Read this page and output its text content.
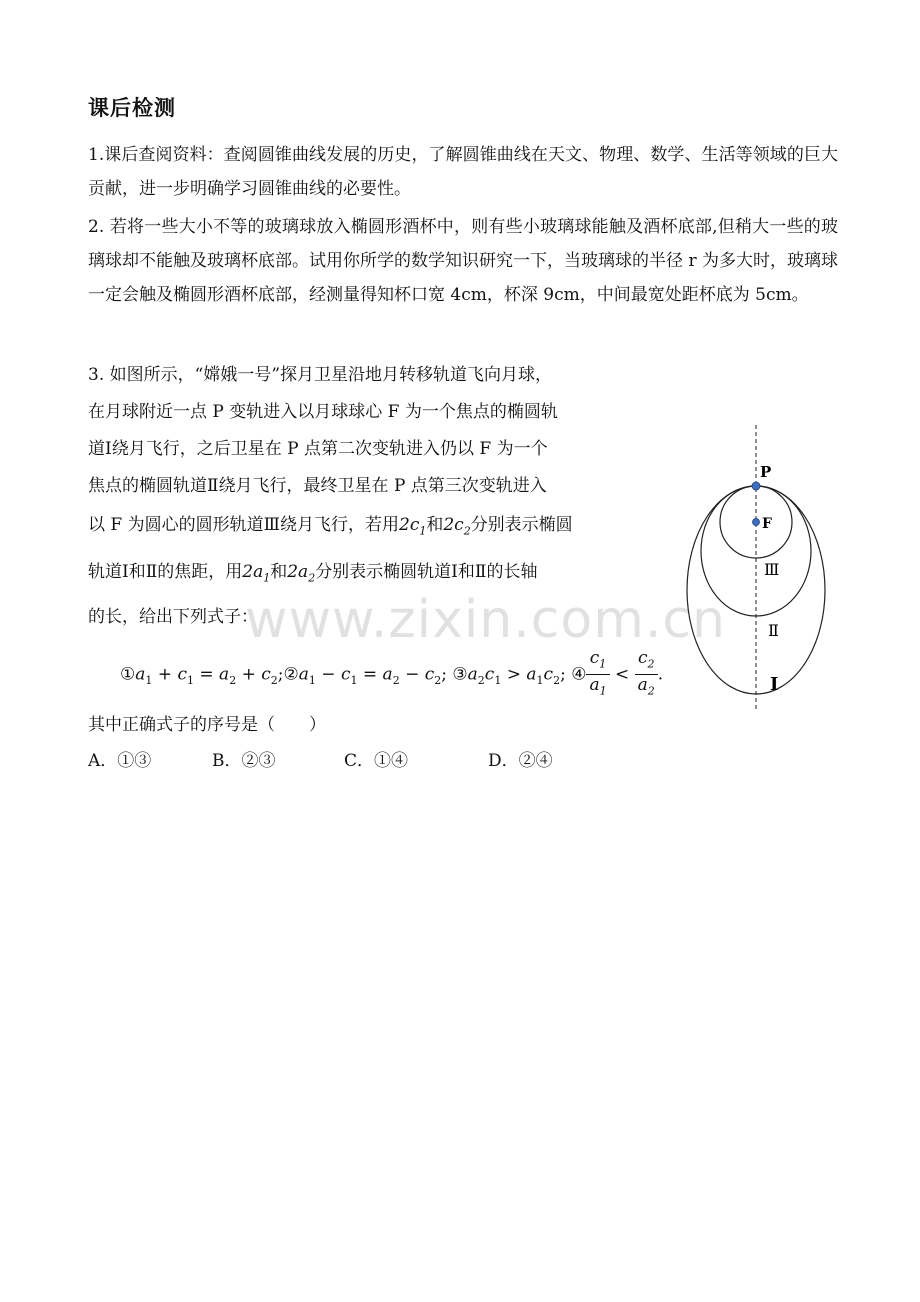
课后检测
1.课后查阅资料：查阅圆锥曲线发展的历史，了解圆锥曲线在天文、物理、数学、生活等领域的巨大贡献，进一步明确学习圆锥曲线的必要性。
2. 若将一些大小不等的玻璃球放入椭圆形酒杯中，则有些小玻璃球能触及酒杯底部,但稍大一些的玻璃球却不能触及玻璃杯底部。试用你所学的数学知识研究一下，当玻璃球的半径 r 为多大时，玻璃球一定会触及椭圆形酒杯底部，经测量得知杯口宽 4cm，杯深 9cm，中间最宽处距杯底为 5cm。
3. 如图所示，“嫦娥一号”探月卫星沿地月转移轨道飞向月球，
在月球附近一点 P 变轨进入以月球球心 F 为一个焦点的椭圆轨
道Ⅰ绕月飞行，之后卫星在 P 点第二次变轨进入仍以 F 为一个
焦点的椭圆轨道Ⅱ绕月飞行，最终卫星在 P 点第三次变轨进入
以 F 为圆心的圆形轨道Ⅲ绕月飞行，若用$2c_1$和$2c_2$分别表示椭圆
轨道Ⅰ和Ⅱ的焦距，用$2a_1$和$2a_2$分别表示椭圆轨道Ⅰ和Ⅱ的长轴
的长，给出下列式子：
$①a_1 + c_1 = a_2$ + $c_2;②a_1 - c_1 = a_2 - c_2$; $③a_2c_1 > a_1c_2$; ④ $\frac{c_1}{a_1} < \frac{c_2}{a_2}$ .
其中正确式子的序号是（　　）
A．①③	B．②③	C．①④	D．②④
www.zixin.com.cn
P
F
Ⅲ
Ⅱ
I
